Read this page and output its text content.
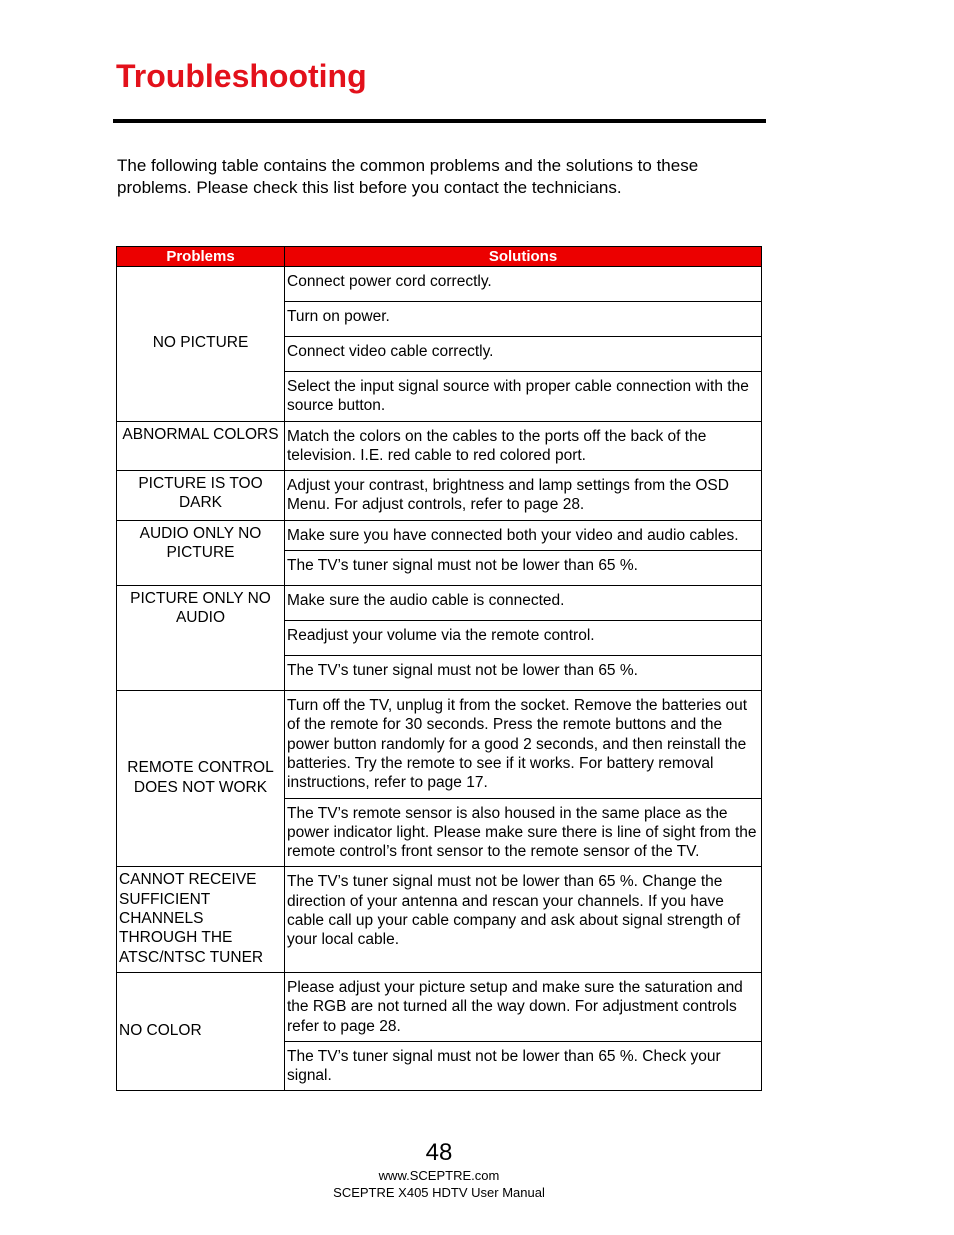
Troubleshooting

The following table contains the common problems and the solutions to these problems. Please check this list before you contact the technicians.

Problems	Solutions
NO PICTURE	Connect power cord correctly.
	Turn on power.
	Connect video cable correctly.
	Select the input signal source with proper cable connection with the source button.
ABNORMAL COLORS	Match the colors on the cables to the ports off the back of the television. I.E. red cable to red colored port.
PICTURE IS TOO DARK	Adjust your contrast, brightness and lamp settings from the OSD Menu. For adjust controls, refer to page 28.
AUDIO ONLY NO PICTURE	Make sure you have connected both your video and audio cables.
	The TV’s tuner signal must not be lower than 65 %.
PICTURE ONLY NO AUDIO	Make sure the audio cable is connected.
	Readjust your volume via the remote control.
	The TV’s tuner signal must not be lower than 65 %.
REMOTE CONTROL DOES NOT WORK	Turn off the TV, unplug it from the socket. Remove the batteries out of the remote for 30 seconds. Press the remote buttons and the power button randomly for a good 2 seconds, and then reinstall the batteries. Try the remote to see if it works. For battery removal instructions, refer to page 17.
	The TV’s remote sensor is also housed in the same place as the power indicator light. Please make sure there is line of sight from the remote control’s front sensor to the remote sensor of the TV.
CANNOT RECEIVE SUFFICIENT CHANNELS THROUGH THE ATSC/NTSC TUNER	The TV’s tuner signal must not be lower than 65 %. Change the direction of your antenna and rescan your channels. If you have cable call up your cable company and ask about signal strength of your local cable.
NO COLOR	Please adjust your picture setup and make sure the saturation and the RGB are not turned all the way down. For adjustment controls refer to page 28.
	The TV’s tuner signal must not be lower than 65 %. Check your signal.
48
www.SCEPTRE.com
SCEPTRE X405 HDTV User Manual
